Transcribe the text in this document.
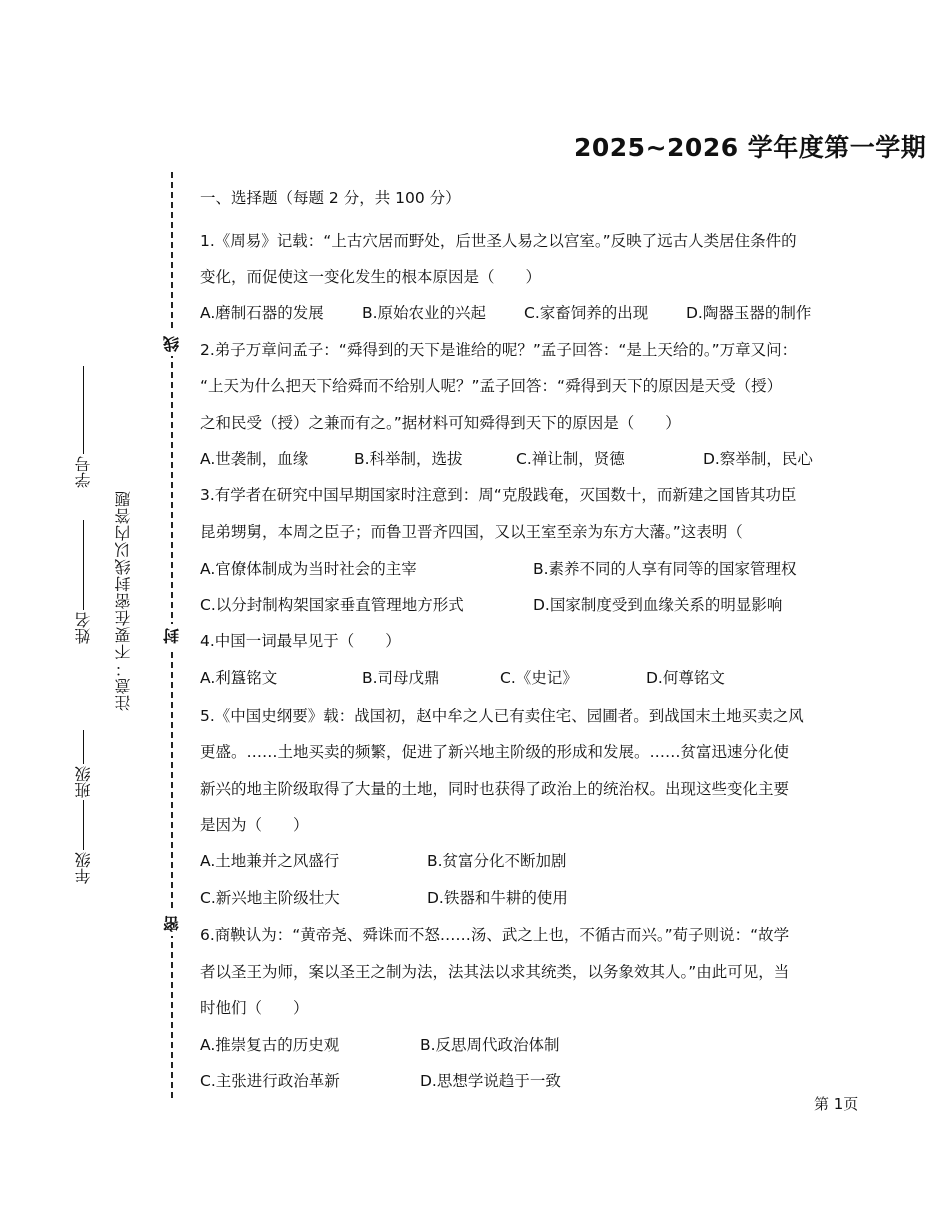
2025~2026 学年度第一学期
线
封
密
注意：不要在密封线以内答题
学号
姓名
班级
年级
一、选择题（每题 2 分，共 100 分）
1.《周易》记载：“上古穴居而野处，后世圣人易之以宫室。”反映了远古人类居住条件的
变化，而促使这一变化发生的根本原因是（　　）
A.磨制石器的发展 B.原始农业的兴起 C.家畜饲养的出现 D.陶器玉器的制作
2.弟子万章问孟子：“舜得到的天下是谁给的呢？”孟子回答：“是上天给的。”万章又问：
“上天为什么把天下给舜而不给别人呢？”孟子回答：“舜得到天下的原因是天受（授）
之和民受（授）之兼而有之。”据材料可知舜得到天下的原因是（　　）
A.世袭制，血缘	B.科举制，选拔	C.禅让制，贤德	D.察举制，民心
3.有学者在研究中国早期国家时注意到：周“克殷践奄，灭国数十，而新建之国皆其功臣
昆弟甥舅，本周之臣子；而鲁卫晋齐四国，又以王室至亲为东方大藩。”这表明（
A.官僚体制成为当时社会的主宰	B.素养不同的人享有同等的国家管理权
C.以分封制构架国家垂直管理地方形式	D.国家制度受到血缘关系的明显影响
4.中国一词最早见于（　　）
A.利簋铭文	B.司母戊鼎	C.《史记》	D.何尊铭文
5.《中国史纲要》载：战国初，赵中牟之人已有卖住宅、园圃者。到战国末土地买卖之风
更盛。……土地买卖的频繁，促进了新兴地主阶级的形成和发展。……贫富迅速分化使
新兴的地主阶级取得了大量的土地，同时也获得了政治上的统治权。出现这些变化主要
是因为（　　）
A.土地兼并之风盛行	B.贫富分化不断加剧
C.新兴地主阶级壮大	D.铁器和牛耕的使用
6.商鞅认为：“黄帝尧、舜诛而不怒……汤、武之上也，不循古而兴。”荀子则说：“故学
者以圣王为师，案以圣王之制为法，法其法以求其统类，以务象效其人。”由此可见，当
时他们（　　）
A.推崇复古的历史观	B.反思周代政治体制
C.主张进行政治革新	D.思想学说趋于一致
第 1页
